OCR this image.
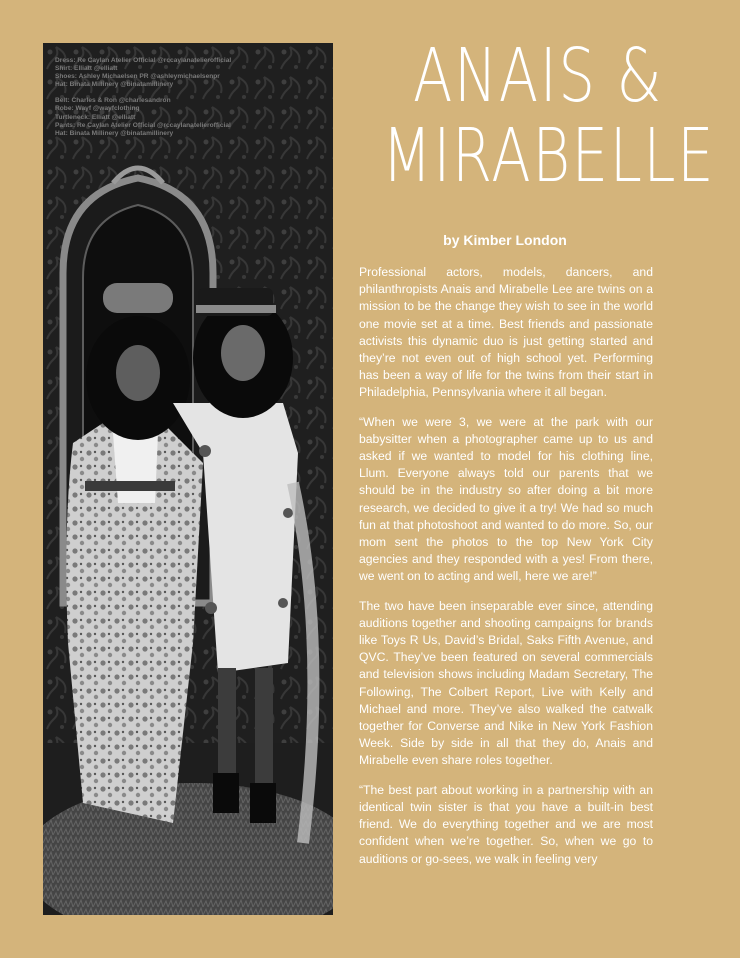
Dress: Re Caylan Atelier Official @rccaylanatelierofficial
Shirt: Elliatt @elliatt
Shoes: Ashley Michaelsen PR @ashleymichaelsenpr
Hat: Binata Millinery @binatamillinery
Belt: Charles & Ron @charlesandron
Robe: Wayf @wayfclothing
Turtleneck: Elliatt @elliatt
Pants: Re Caylan Atelier Official @rccaylanatelierofficial
Hat: Binata Millinery @binatamillinery
ANAIS &
MIRABELLE
by Kimber London

Professional actors, models, dancers, and philanthropists Anais and Mirabelle Lee are twins on a mission to be the change they wish to see in the world one movie set at a time. Best friends and passionate activists this dynamic duo is just getting started and they’re not even out of high school yet. Performing has been a way of life for the twins from their start in Philadelphia, Pennsylvania where it all began.

“When we were 3, we were at the park with our babysitter when a photographer came up to us and asked if we wanted to model for his clothing line, Llum. Everyone always told our parents that we should be in the industry so after doing a bit more research, we decided to give it a try! We had so much fun at that photoshoot and wanted to do more. So, our mom sent the photos to the top New York City agencies and they responded with a yes! From there, we went on to acting and well, here we are!”

The two have been inseparable ever since, attending auditions together and shooting campaigns for brands like Toys R Us, David’s Bridal, Saks Fifth Avenue, and QVC. They’ve been featured on several commercials and television shows including Madam Secretary, The Following, The Colbert Report, Live with Kelly and Michael and more. They’ve also walked the catwalk together for Converse and Nike in New York Fashion Week. Side by side in all that they do, Anais and Mirabelle even share roles together.

“The best part about working in a partnership with an identical twin sister is that you have a built-in best friend. We do everything together and we are most confident when we’re together. So, when we go to auditions or go-sees, we walk in feeling very
